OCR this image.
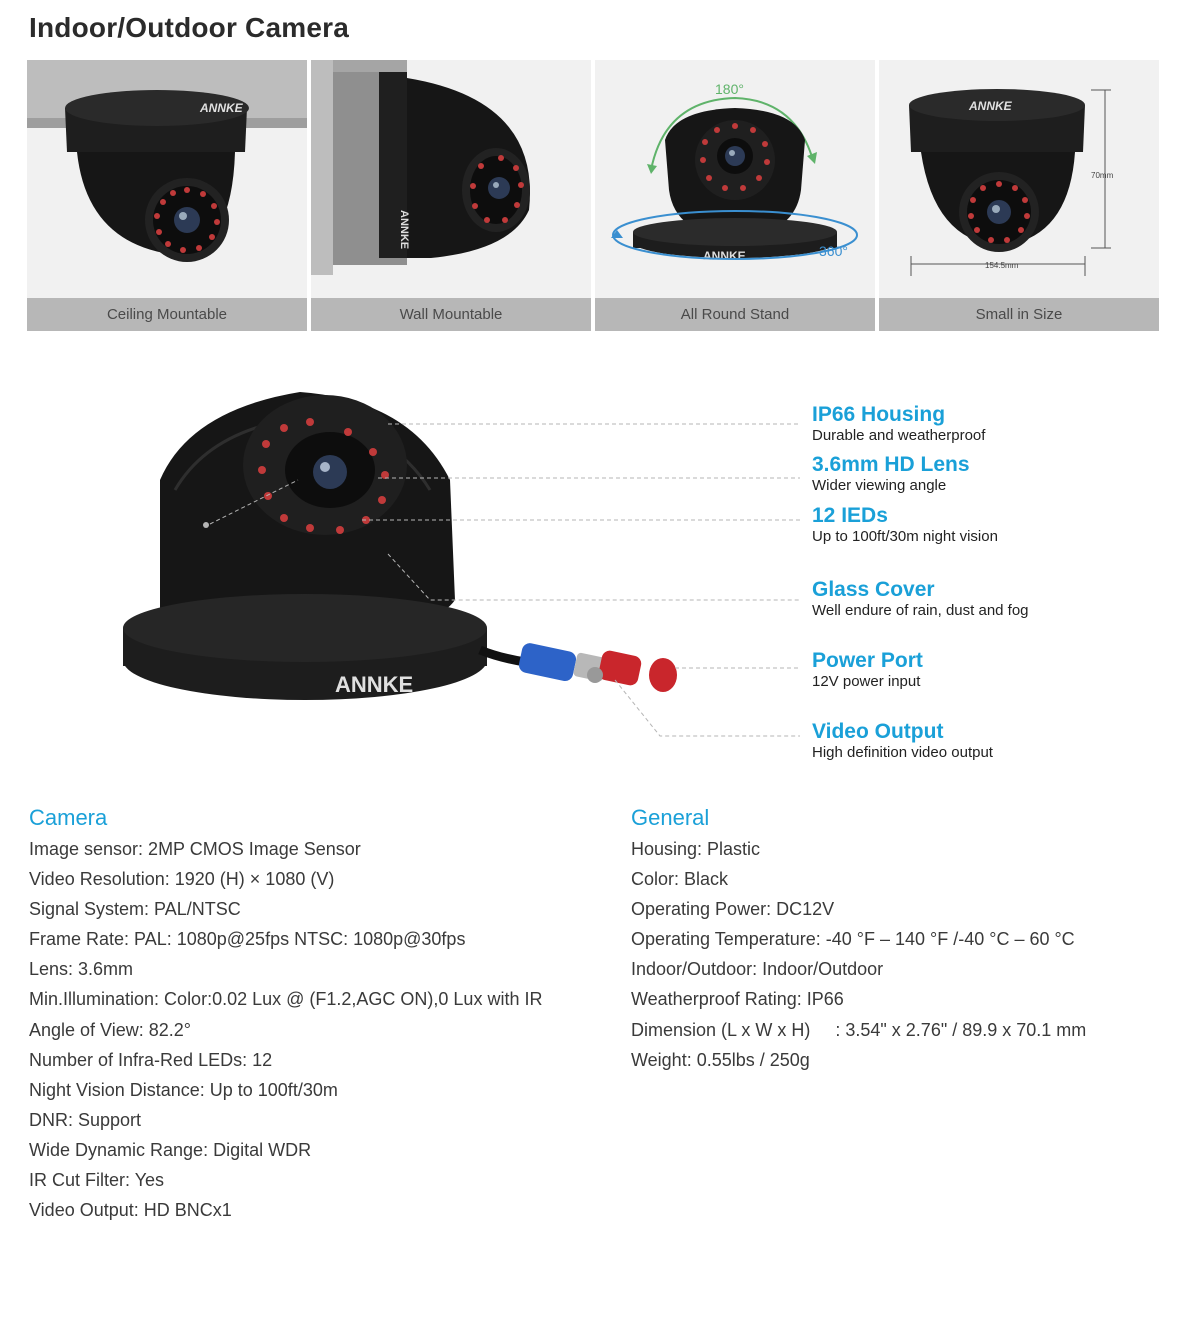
Indoor/Outdoor Camera
ANNKE
Ceiling Mountable
ANNKE
Wall Mountable
180°
ANNKE	360°
All Round Stand
ANNKE
70mm
154.5mm
Small in Size
ANNKE
IP66 Housing
Durable and weatherproof
3.6mm HD Lens
Wider viewing angle
12 IEDs
Up to 100ft/30m night vision
Glass Cover
Well endure of rain, dust and fog
Power Port
12V power input
Video Output
High definition video output
Camera
Image sensor: 2MP CMOS Image Sensor
Video Resolution: 1920 (H) × 1080 (V)
Signal System: PAL/NTSC
Frame Rate: PAL: 1080p@25fps NTSC: 1080p@30fps
Lens: 3.6mm
Min.Illumination: Color:0.02 Lux @ (F1.2,AGC ON),0 Lux with IR
Angle of View: 82.2°
Number of Infra-Red LEDs: 12
Night Vision Distance: Up to 100ft/30m
DNR: Support
Wide Dynamic Range: Digital WDR
IR Cut Filter: Yes
Video Output: HD BNCx1
General
Housing: Plastic
Color: Black
Operating Power: DC12V
Operating Temperature: -40 °F – 140 °F /-40 °C – 60 °C
Indoor/Outdoor: Indoor/Outdoor
Weatherproof Rating: IP66
Dimension (L x W x H)     : 3.54" x 2.76" / 89.9 x 70.1 mm
Weight: 0.55lbs / 250g
